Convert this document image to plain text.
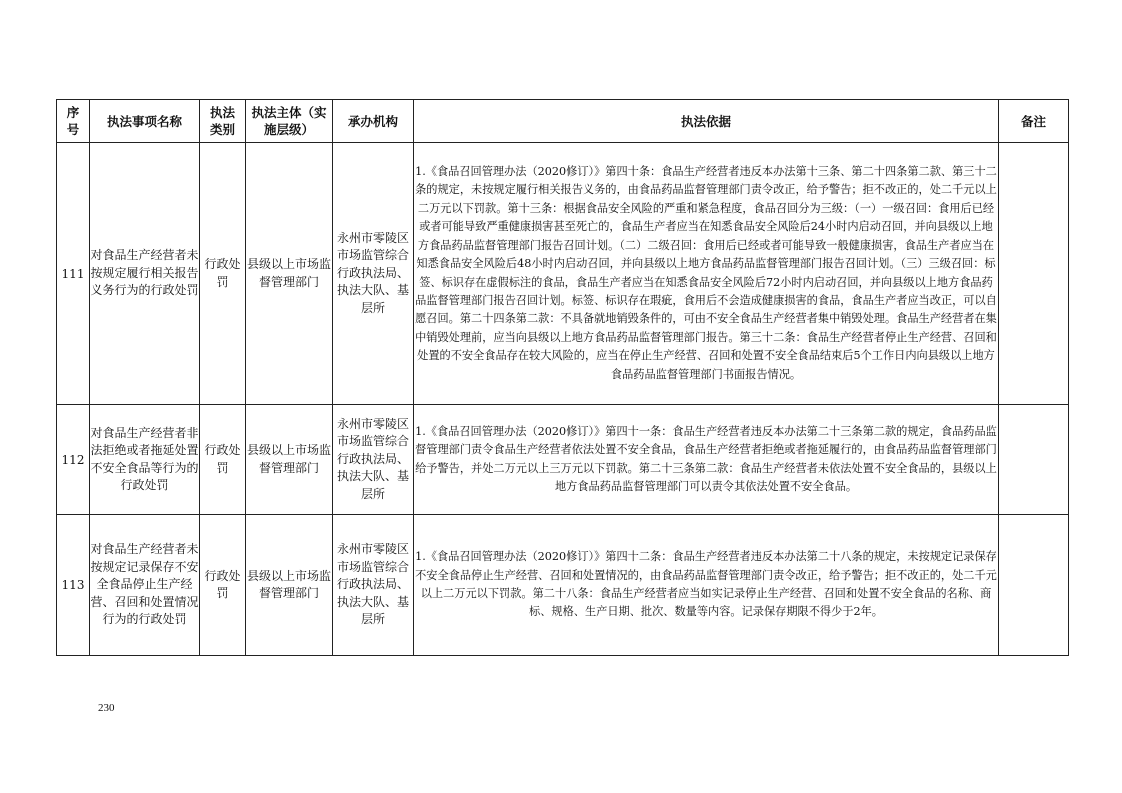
序号	执法事项名称	执法类别	执法主体（实施层级）	承办机构	执法依据	备注
111	对食品生产经营者未按规定履行相关报告义务行为的行政处罚	行政处罚	县级以上市场监督管理部门	永州市零陵区市场监管综合行政执法局、执法大队、基层所	1.《食品召回管理办法（2020修订）》第四十条：食品生产经营者违反本办法第十三条、第二十四条第二款、第三十二条的规定，未按规定履行相关报告义务的，由食品药品监督管理部门责令改正，给予警告；拒不改正的，处二千元以上二万元以下罚款。第十三条：根据食品安全风险的严重和紧急程度，食品召回分为三级：（一）一级召回：食用后已经或者可能导致严重健康损害甚至死亡的，食品生产者应当在知悉食品安全风险后24小时内启动召回，并向县级以上地方食品药品监督管理部门报告召回计划。（二）二级召回：食用后已经或者可能导致一般健康损害，食品生产者应当在知悉食品安全风险后48小时内启动召回，并向县级以上地方食品药品监督管理部门报告召回计划。（三）三级召回：标签、标识存在虚假标注的食品，食品生产者应当在知悉食品安全风险后72小时内启动召回，并向县级以上地方食品药品监督管理部门报告召回计划。标签、标识存在瑕疵，食用后不会造成健康损害的食品，食品生产者应当改正，可以自愿召回。第二十四条第二款：不具备就地销毁条件的，可由不安全食品生产经营者集中销毁处理。食品生产经营者在集中销毁处理前，应当向县级以上地方食品药品监督管理部门报告。第三十二条：食品生产经营者停止生产经营、召回和处置的不安全食品存在较大风险的，应当在停止生产经营、召回和处置不安全食品结束后5个工作日内向县级以上地方食品药品监督管理部门书面报告情况。	
112	对食品生产经营者非法拒绝或者拖延处置不安全食品等行为的行政处罚	行政处罚	县级以上市场监督管理部门	永州市零陵区市场监管综合行政执法局、执法大队、基层所	1.《食品召回管理办法（2020修订）》第四十一条：食品生产经营者违反本办法第二十三条第二款的规定，食品药品监督管理部门责令食品生产经营者依法处置不安全食品，食品生产经营者拒绝或者拖延履行的，由食品药品监督管理部门给予警告，并处二万元以上三万元以下罚款。第二十三条第二款：食品生产经营者未依法处置不安全食品的，县级以上地方食品药品监督管理部门可以责令其依法处置不安全食品。	
113	对食品生产经营者未按规定记录保存不安全食品停止生产经营、召回和处置情况行为的行政处罚	行政处罚	县级以上市场监督管理部门	永州市零陵区市场监管综合行政执法局、执法大队、基层所	1.《食品召回管理办法（2020修订）》第四十二条：食品生产经营者违反本办法第二十八条的规定，未按规定记录保存不安全食品停止生产经营、召回和处置情况的，由食品药品监督管理部门责令改正，给予警告；拒不改正的，处二千元以上二万元以下罚款。第二十八条：食品生产经营者应当如实记录停止生产经营、召回和处置不安全食品的名称、商标、规格、生产日期、批次、数量等内容。记录保存期限不得少于2年。	
230
